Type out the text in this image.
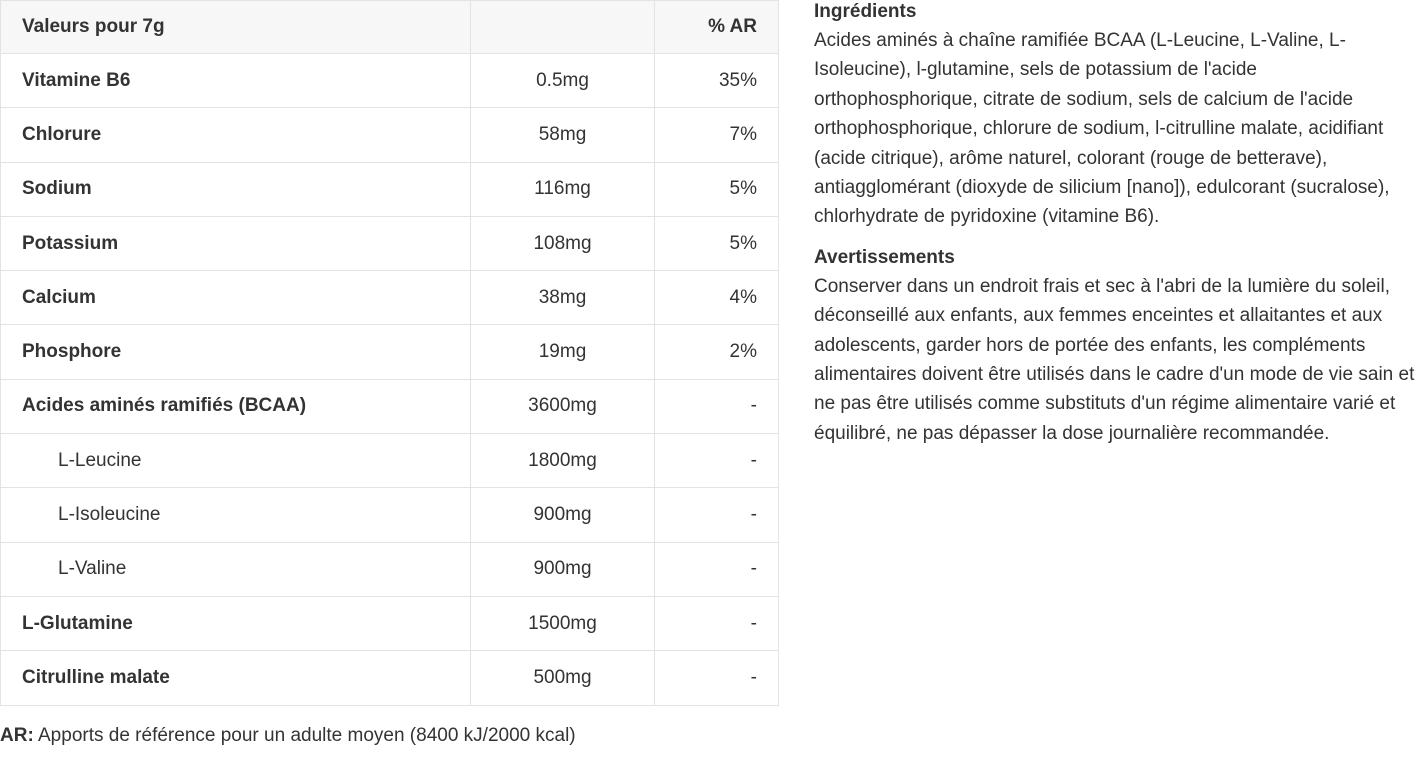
Valeurs pour 7g		% AR
Vitamine B6	0.5mg	35%
Chlorure	58mg	7%
Sodium	116mg	5%
Potassium	108mg	5%
Calcium	38mg	4%
Phosphore	19mg	2%
Acides aminés ramifiés (BCAA)	3600mg	-
L-Leucine	1800mg	-
L-Isoleucine	900mg	-
L-Valine	900mg	-
L-Glutamine	1500mg	-
Citrulline malate	500mg	-
AR: Apports de référence pour un adulte moyen (8400 kJ/2000 kcal)
Ingrédients

Acides aminés à chaîne ramifiée BCAA (L-Leucine, L-Valine, L-Isoleucine), l-glutamine, sels de potassium de l'acide orthophosphorique, citrate de sodium, sels de calcium de l'acide orthophosphorique, chlorure de sodium, l-citrulline malate, acidifiant (acide citrique), arôme naturel, colorant (rouge de betterave), antiagglomérant (dioxyde de silicium [nano]), edulcorant (sucralose), chlorhydrate de pyridoxine (vitamine B6).

Avertissements

Conserver dans un endroit frais et sec à l'abri de la lumière du soleil, déconseillé aux enfants, aux femmes enceintes et allaitantes et aux adolescents, garder hors de portée des enfants, les compléments alimentaires doivent être utilisés dans le cadre d'un mode de vie sain et ne pas être utilisés comme substituts d'un régime alimentaire varié et équilibré, ne pas dépasser la dose journalière recommandée.
